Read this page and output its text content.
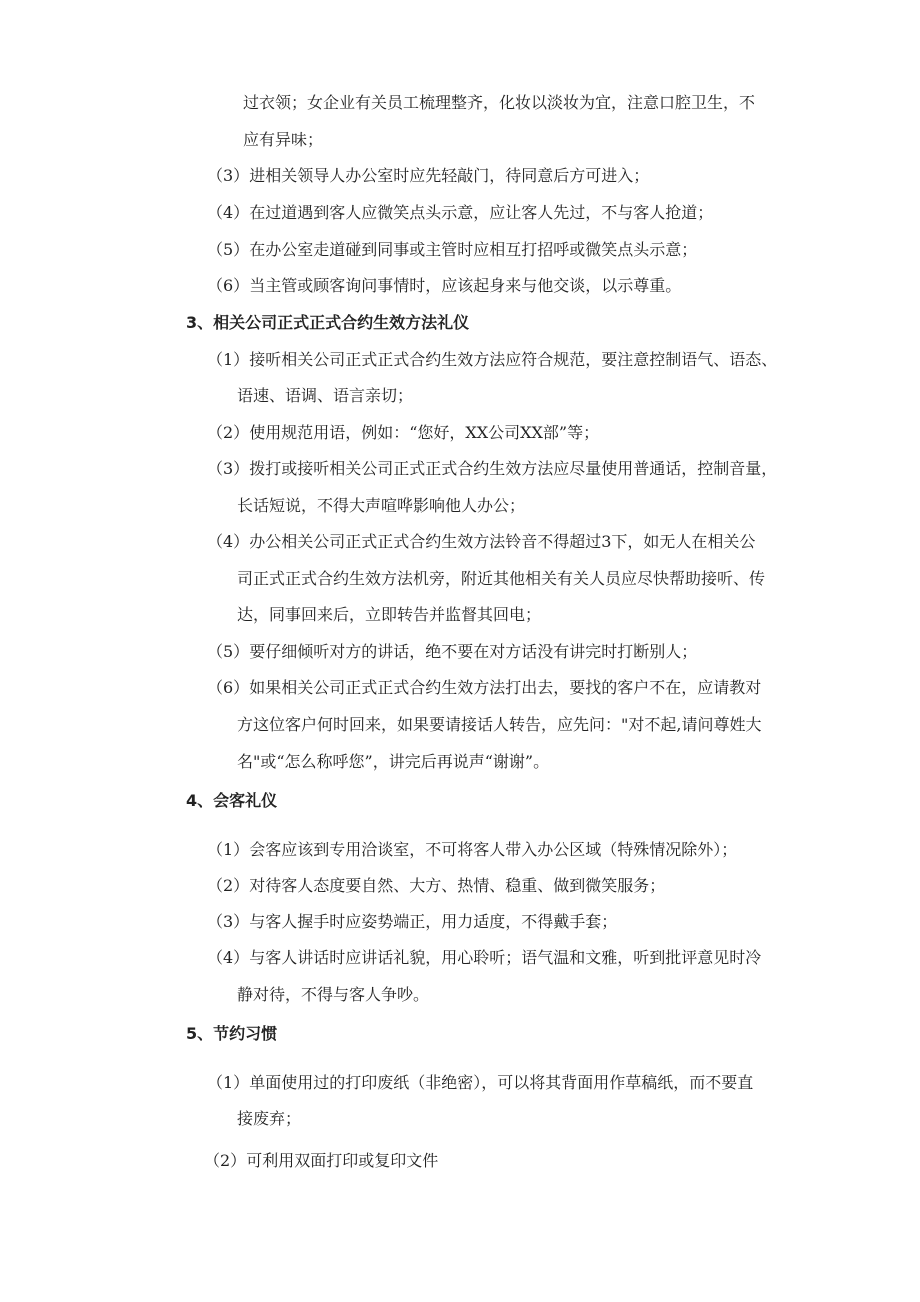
过衣领；女企业有关员工梳理整齐，化妆以淡妆为宜，注意口腔卫生，不
应有异味；
（3）进相关领导人办公室时应先轻敲门，待同意后方可进入；
（4）在过道遇到客人应微笑点头示意，应让客人先过，不与客人抢道；
（5）在办公室走道碰到同事或主管时应相互打招呼或微笑点头示意；
（6）当主管或顾客询问事情时，应该起身来与他交谈，以示尊重。
3、相关公司正式正式合约生效方法礼仪
（1）接听相关公司正式正式合约生效方法应符合规范，要注意控制语气、语态、
语速、语调、语言亲切；
（2）使用规范用语，例如：“您好，XX公司XX部”等；
（3）拨打或接听相关公司正式正式合约生效方法应尽量使用普通话，控制音量，
长话短说，不得大声喧哗影响他人办公；
（4）办公相关公司正式正式合约生效方法铃音不得超过3下，如无人在相关公
司正式正式合约生效方法机旁，附近其他相关有关人员应尽快帮助接听、传
达，同事回来后，立即转告并监督其回电；
（5）要仔细倾听对方的讲话，绝不要在对方话没有讲完时打断别人；
（6）如果相关公司正式正式合约生效方法打出去，要找的客户不在，应请教对
方这位客户何时回来，如果要请接话人转告，应先问："对不起,请问尊姓大
名"或“怎么称呼您”，讲完后再说声“谢谢”。
4、会客礼仪
（1）会客应该到专用洽谈室，不可将客人带入办公区域（特殊情况除外）；
（2）对待客人态度要自然、大方、热情、稳重、做到微笑服务；
（3）与客人握手时应姿势端正，用力适度，不得戴手套；
（4）与客人讲话时应讲话礼貌，用心聆听；语气温和文雅，听到批评意见时冷
静对待，不得与客人争吵。
5、节约习惯
（1）单面使用过的打印废纸（非绝密），可以将其背面用作草稿纸，而不要直
接废弃；
（2）可利用双面打印或复印文件
